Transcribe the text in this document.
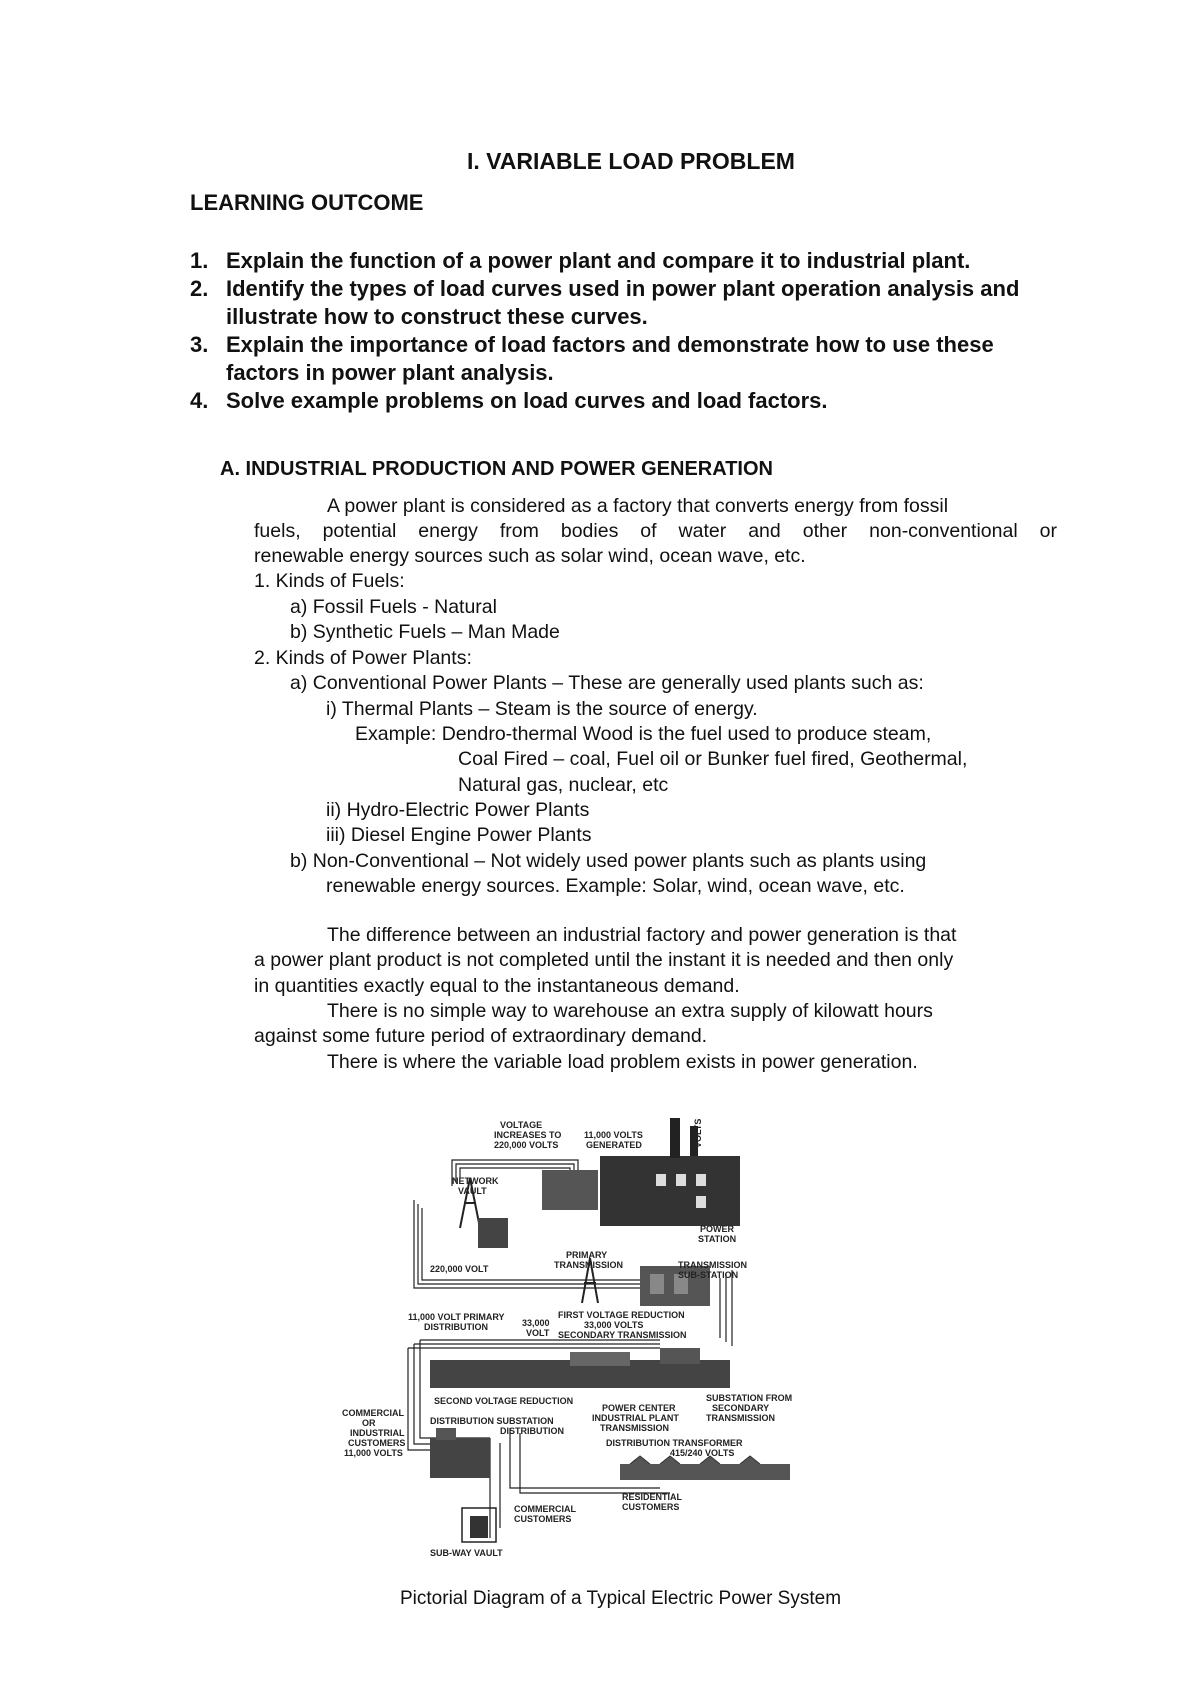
I. VARIABLE LOAD PROBLEM
LEARNING OUTCOME
1. Explain the function of a power plant and compare it to industrial plant.
2. Identify the types of load curves used in power plant operation analysis and
illustrate how to construct these curves.
3. Explain the importance of load factors and demonstrate how to use these
factors in power plant analysis.
4. Solve example problems on load curves and load factors.
A. INDUSTRIAL PRODUCTION AND POWER GENERATION
A power plant is considered as a factory that converts energy from fossil
fuels, potential energy from bodies of water and other non-conventional or
renewable energy sources such as solar wind, ocean wave, etc.
1. Kinds of Fuels:
a) Fossil Fuels - Natural
b) Synthetic Fuels – Man Made
2. Kinds of Power Plants:
a) Conventional Power Plants – These are generally used plants such as:
i) Thermal Plants – Steam is the source of energy.
Example: Dendro-thermal Wood is the fuel used to produce steam,
Coal Fired – coal, Fuel oil or Bunker fuel fired, Geothermal,
Natural gas, nuclear, etc
ii) Hydro-Electric Power Plants
iii) Diesel Engine Power Plants
b) Non-Conventional – Not widely used power plants such as plants using
renewable energy sources. Example: Solar, wind, ocean wave, etc.
The difference between an industrial factory and power generation is that
a power plant product is not completed until the instant it is needed and then only
in quantities exactly equal to the instantaneous demand.
There is no simple way to warehouse an extra supply of kilowatt hours
against some future period of extraordinary demand.
There is where the variable load problem exists in power generation.
VOLTAGE
INCREASES TO
220,000 VOLTS
11,000 VOLTS
GENERATED	VOLTS
NETWORK
VAULT
POWER
STATION
PRIMARY
TRANSMISSION
220,000 VOLT	TRANSMISSION
SUB-STATION
11,000 VOLT PRIMARY
DISTRIBUTION	33,000
VOLT
FIRST VOLTAGE REDUCTION
33,000 VOLTS
SECONDARY TRANSMISSION
SECOND VOLTAGE REDUCTION
POWER CENTER
INDUSTRIAL PLANT
TRANSMISSION
SUBSTATION FROM
SECONDARY
TRANSMISSION
COMMERCIAL
OR
INDUSTRIAL
CUSTOMERS
11,000 VOLTS
DISTRIBUTION SUBSTATION
DISTRIBUTION
DISTRIBUTION TRANSFORMER
415/240 VOLTS
RESIDENTIAL
CUSTOMERS
COMMERCIAL
CUSTOMERS
SUB-WAY VAULT
Pictorial Diagram of a Typical Electric Power System
